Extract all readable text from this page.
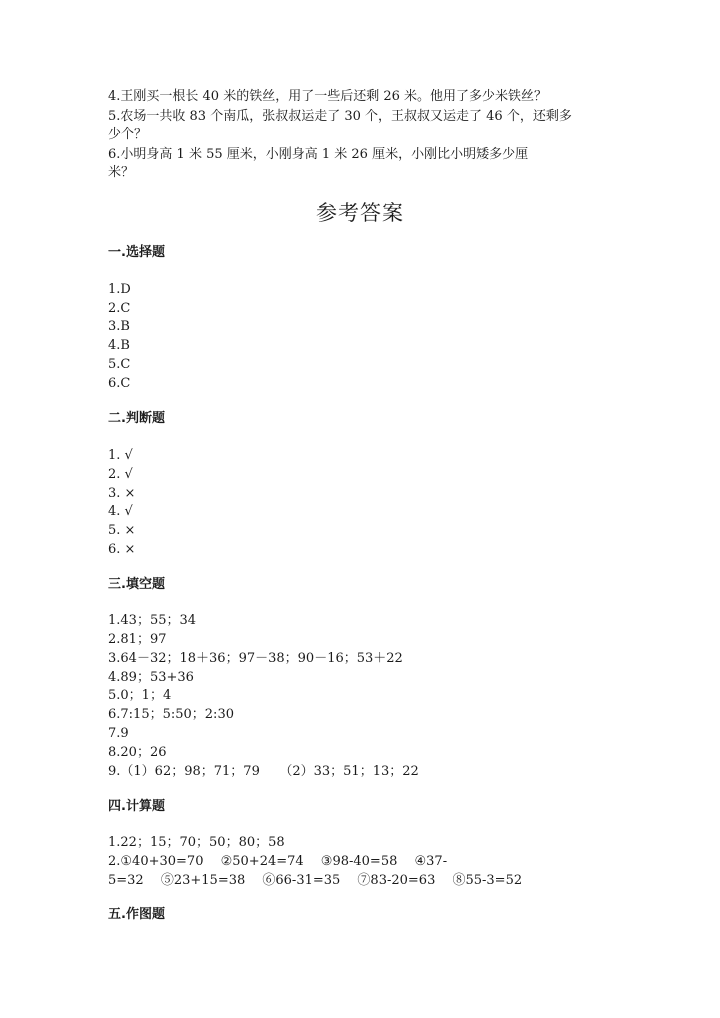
4.王刚买一根长 40 米的铁丝，用了一些后还剩 26 米。他用了多少米铁丝？
5.农场一共收 83 个南瓜，张叔叔运走了 30 个，王叔叔又运走了 46 个，还剩多
少个？
6.小明身高 1 米 55 厘米，小刚身高 1 米 26 厘米，小刚比小明矮多少厘
米？
参考答案
一.选择题
1.D
2.C
3.B
4.B
5.C
6.C
二.判断题
1. √
2. √
3. ×
4. √
5. ×
6. ×
三.填空题
1.43；55；34
2.81；97
3.64－32；18＋36；97－38；90－16；53＋22
4.89；53+36
5.0；1；4
6.7:15；5:50；2:30
7.9
8.20；26
9.（1）62；98；71；79　　（2）33；51；13；22
四.计算题
1.22；15；70；50；80；58
2.①40+30=70　 ②50+24=74　 ③98-40=58　 ④37-
5=32　 ⑤23+15=38　 ⑥66-31=35　 ⑦83-20=63　 ⑧55-3=52
五.作图题
